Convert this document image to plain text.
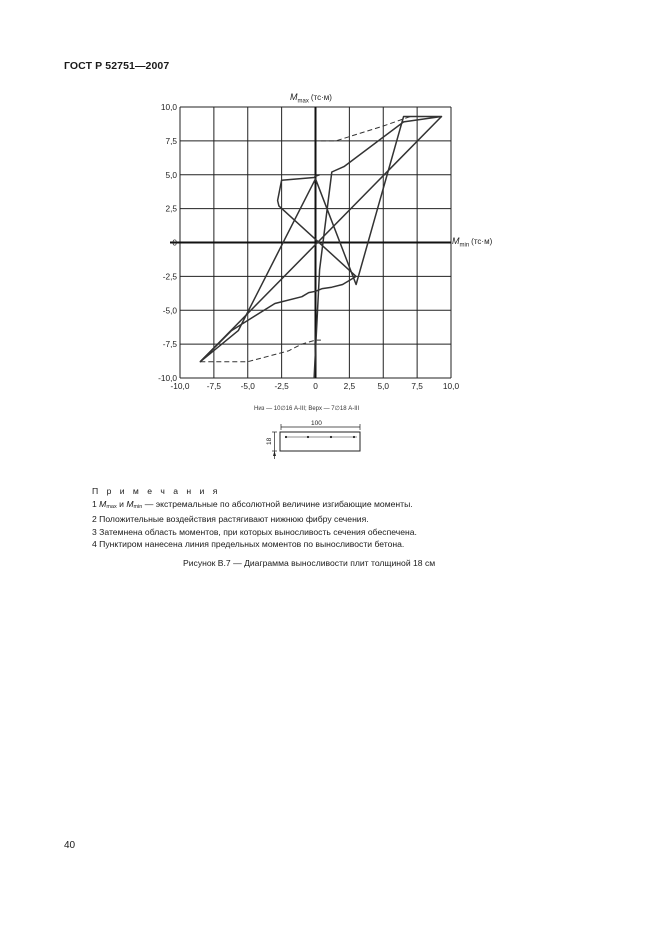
ГОСТ Р 52751—2007
-10,0
-7,5
-5,0
-2,5
0
2,5
5,0
7,5
10,0
-10,0 -7,5 -5,0 -2,5	0	2,5	5,0	7,5 10,0
$M_{max}$ (тс·м)
$M_{min}$ (тс·м)
Низ — 10∅16 А-III; Верх — 7∅18 А-III
100
18
П р и м е ч а н и я
1 Mmax и Mmin — экстремальные по абсолютной величине изгибающие моменты.
2 Положительные воздействия растягивают нижнюю фибру сечения.
3 Затемнена область моментов, при которых выносливость сечения обеспечена.
4 Пунктиром нанесена линия предельных моментов по выносливости бетона.
Рисунок В.7 — Диаграмма выносливости плит толщиной 18 см
40
